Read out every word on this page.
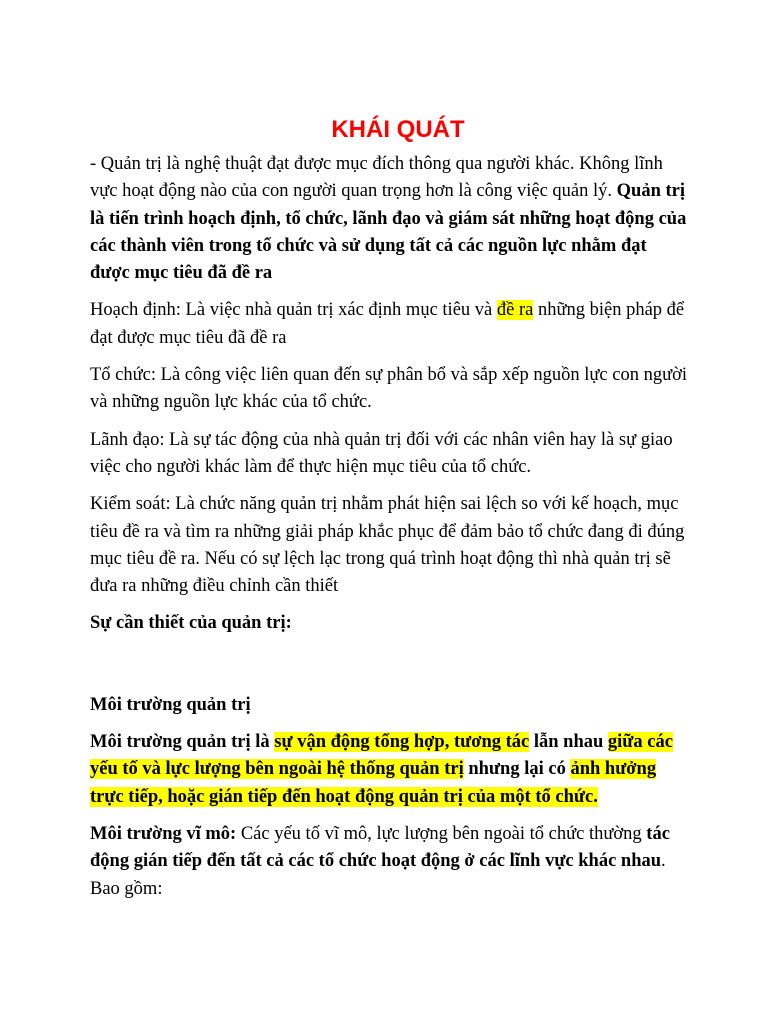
KHÁI QUÁT

- Quản trị là nghệ thuật đạt được mục đích thông qua người khác. Không lĩnh vực hoạt động nào của con người quan trọng hơn là công việc quản lý. Quản trị là tiến trình hoạch định, tổ chức, lãnh đạo và giám sát những hoạt động của các thành viên trong tổ chức và sử dụng tất cả các nguồn lực nhằm đạt được mục tiêu đã đề ra

Hoạch định: Là việc nhà quản trị xác định mục tiêu và đề ra những biện pháp để đạt được mục tiêu đã đề ra

Tổ chức: Là công việc liên quan đến sự phân bổ và sắp xếp nguồn lực con người và những nguồn lực khác của tổ chức.

Lãnh đạo: Là sự tác động của nhà quản trị đối với các nhân viên hay là sự giao việc cho người khác làm để thực hiện mục tiêu của tổ chức.

Kiểm soát: Là chức năng quản trị nhằm phát hiện sai lệch so với kế hoạch, mục tiêu đề ra và tìm ra những giải pháp khắc phục để đảm bảo tổ chức đang đi đúng mục tiêu đề ra. Nếu có sự lệch lạc trong quá trình hoạt động thì nhà quản trị sẽ đưa ra những điều chỉnh cần thiết

Sự cần thiết của quản trị:

Môi trường quản trị

Môi trường quản trị là sự vận động tổng hợp, tương tác lẫn nhau giữa các yếu tố và lực lượng bên ngoài hệ thống quản trị nhưng lại có ảnh hưởng trực tiếp, hoặc gián tiếp đến hoạt động quản trị của một tổ chức.

Môi trường vĩ mô: Các yếu tố vĩ mô, lực lượng bên ngoài tổ chức thường tác động gián tiếp đến tất cả các tổ chức hoạt động ở các lĩnh vực khác nhau. Bao gồm:
